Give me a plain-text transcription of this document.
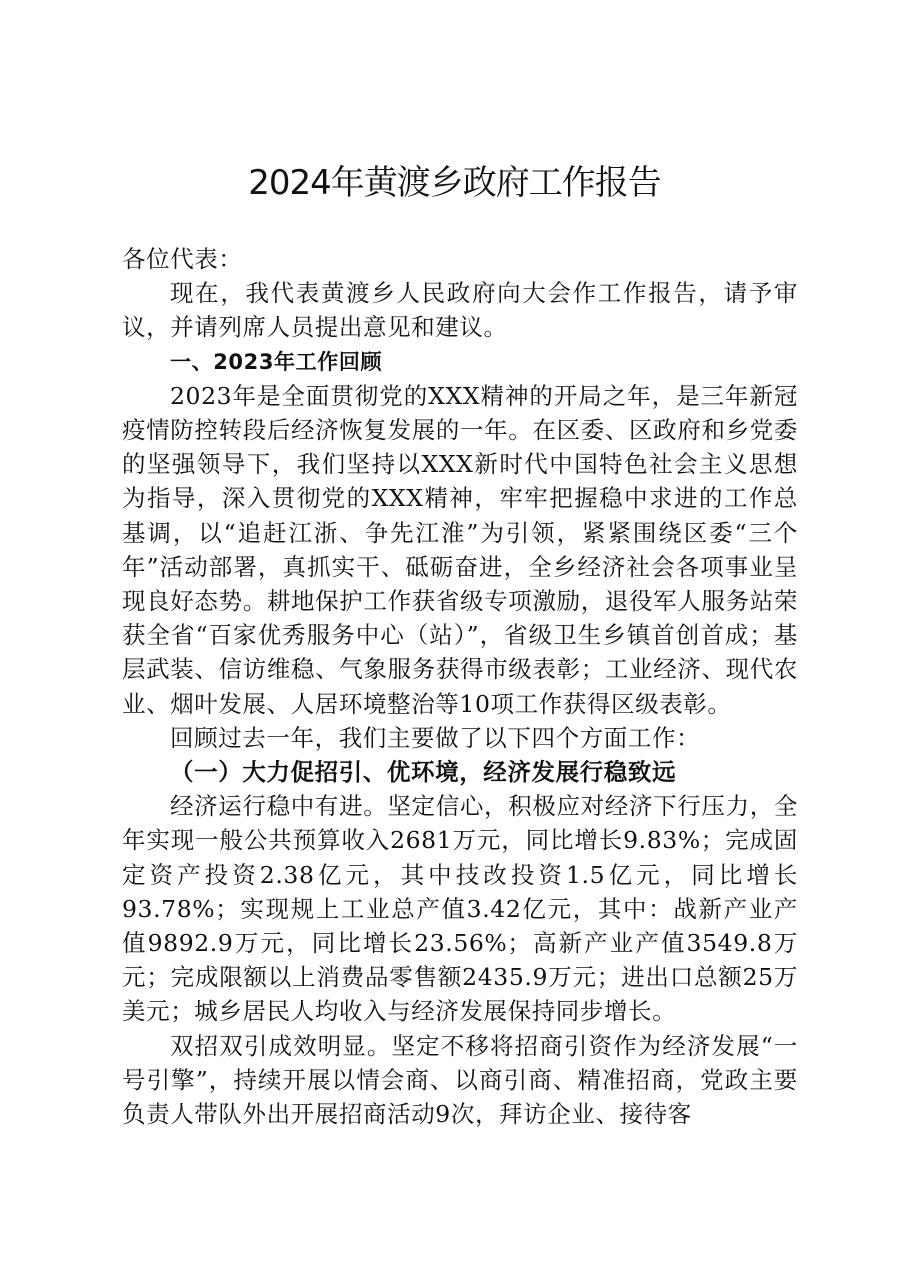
2024年黄渡乡政府工作报告

各位代表：

现在，我代表黄渡乡人民政府向大会作工作报告，请予审议，并请列席人员提出意见和建议。

一、2023年工作回顾

2023年是全面贯彻党的XXX精神的开局之年，是三年新冠疫情防控转段后经济恢复发展的一年。在区委、区政府和乡党委的坚强领导下，我们坚持以XXX新时代中国特色社会主义思想为指导，深入贯彻党的XXX精神，牢牢把握稳中求进的工作总基调，以“追赶江浙、争先江淮”为引领，紧紧围绕区委“三个年”活动部署，真抓实干、砥砺奋进，全乡经济社会各项事业呈现良好态势。耕地保护工作获省级专项激励，退役军人服务站荣获全省“百家优秀服务中心（站）”，省级卫生乡镇首创首成；基层武装、信访维稳、气象服务获得市级表彰；工业经济、现代农业、烟叶发展、人居环境整治等10项工作获得区级表彰。

回顾过去一年，我们主要做了以下四个方面工作：

（一）大力促招引、优环境，经济发展行稳致远

经济运行稳中有进。坚定信心，积极应对经济下行压力，全年实现一般公共预算收入2681万元，同比增长9.83%；完成固定资产投资2.38亿元，其中技改投资1.5亿元，同比增长93.78%；实现规上工业总产值3.42亿元，其中：战新产业产值9892.9万元，同比增长23.56%；高新产业产值3549.8万元；完成限额以上消费品零售额2435.9万元；进出口总额25万美元；城乡居民人均收入与经济发展保持同步增长。

双招双引成效明显。坚定不移将招商引资作为经济发展“一号引擎”，持续开展以情会商、以商引商、精准招商，党政主要负责人带队外出开展招商活动9次，拜访企业、接待客
